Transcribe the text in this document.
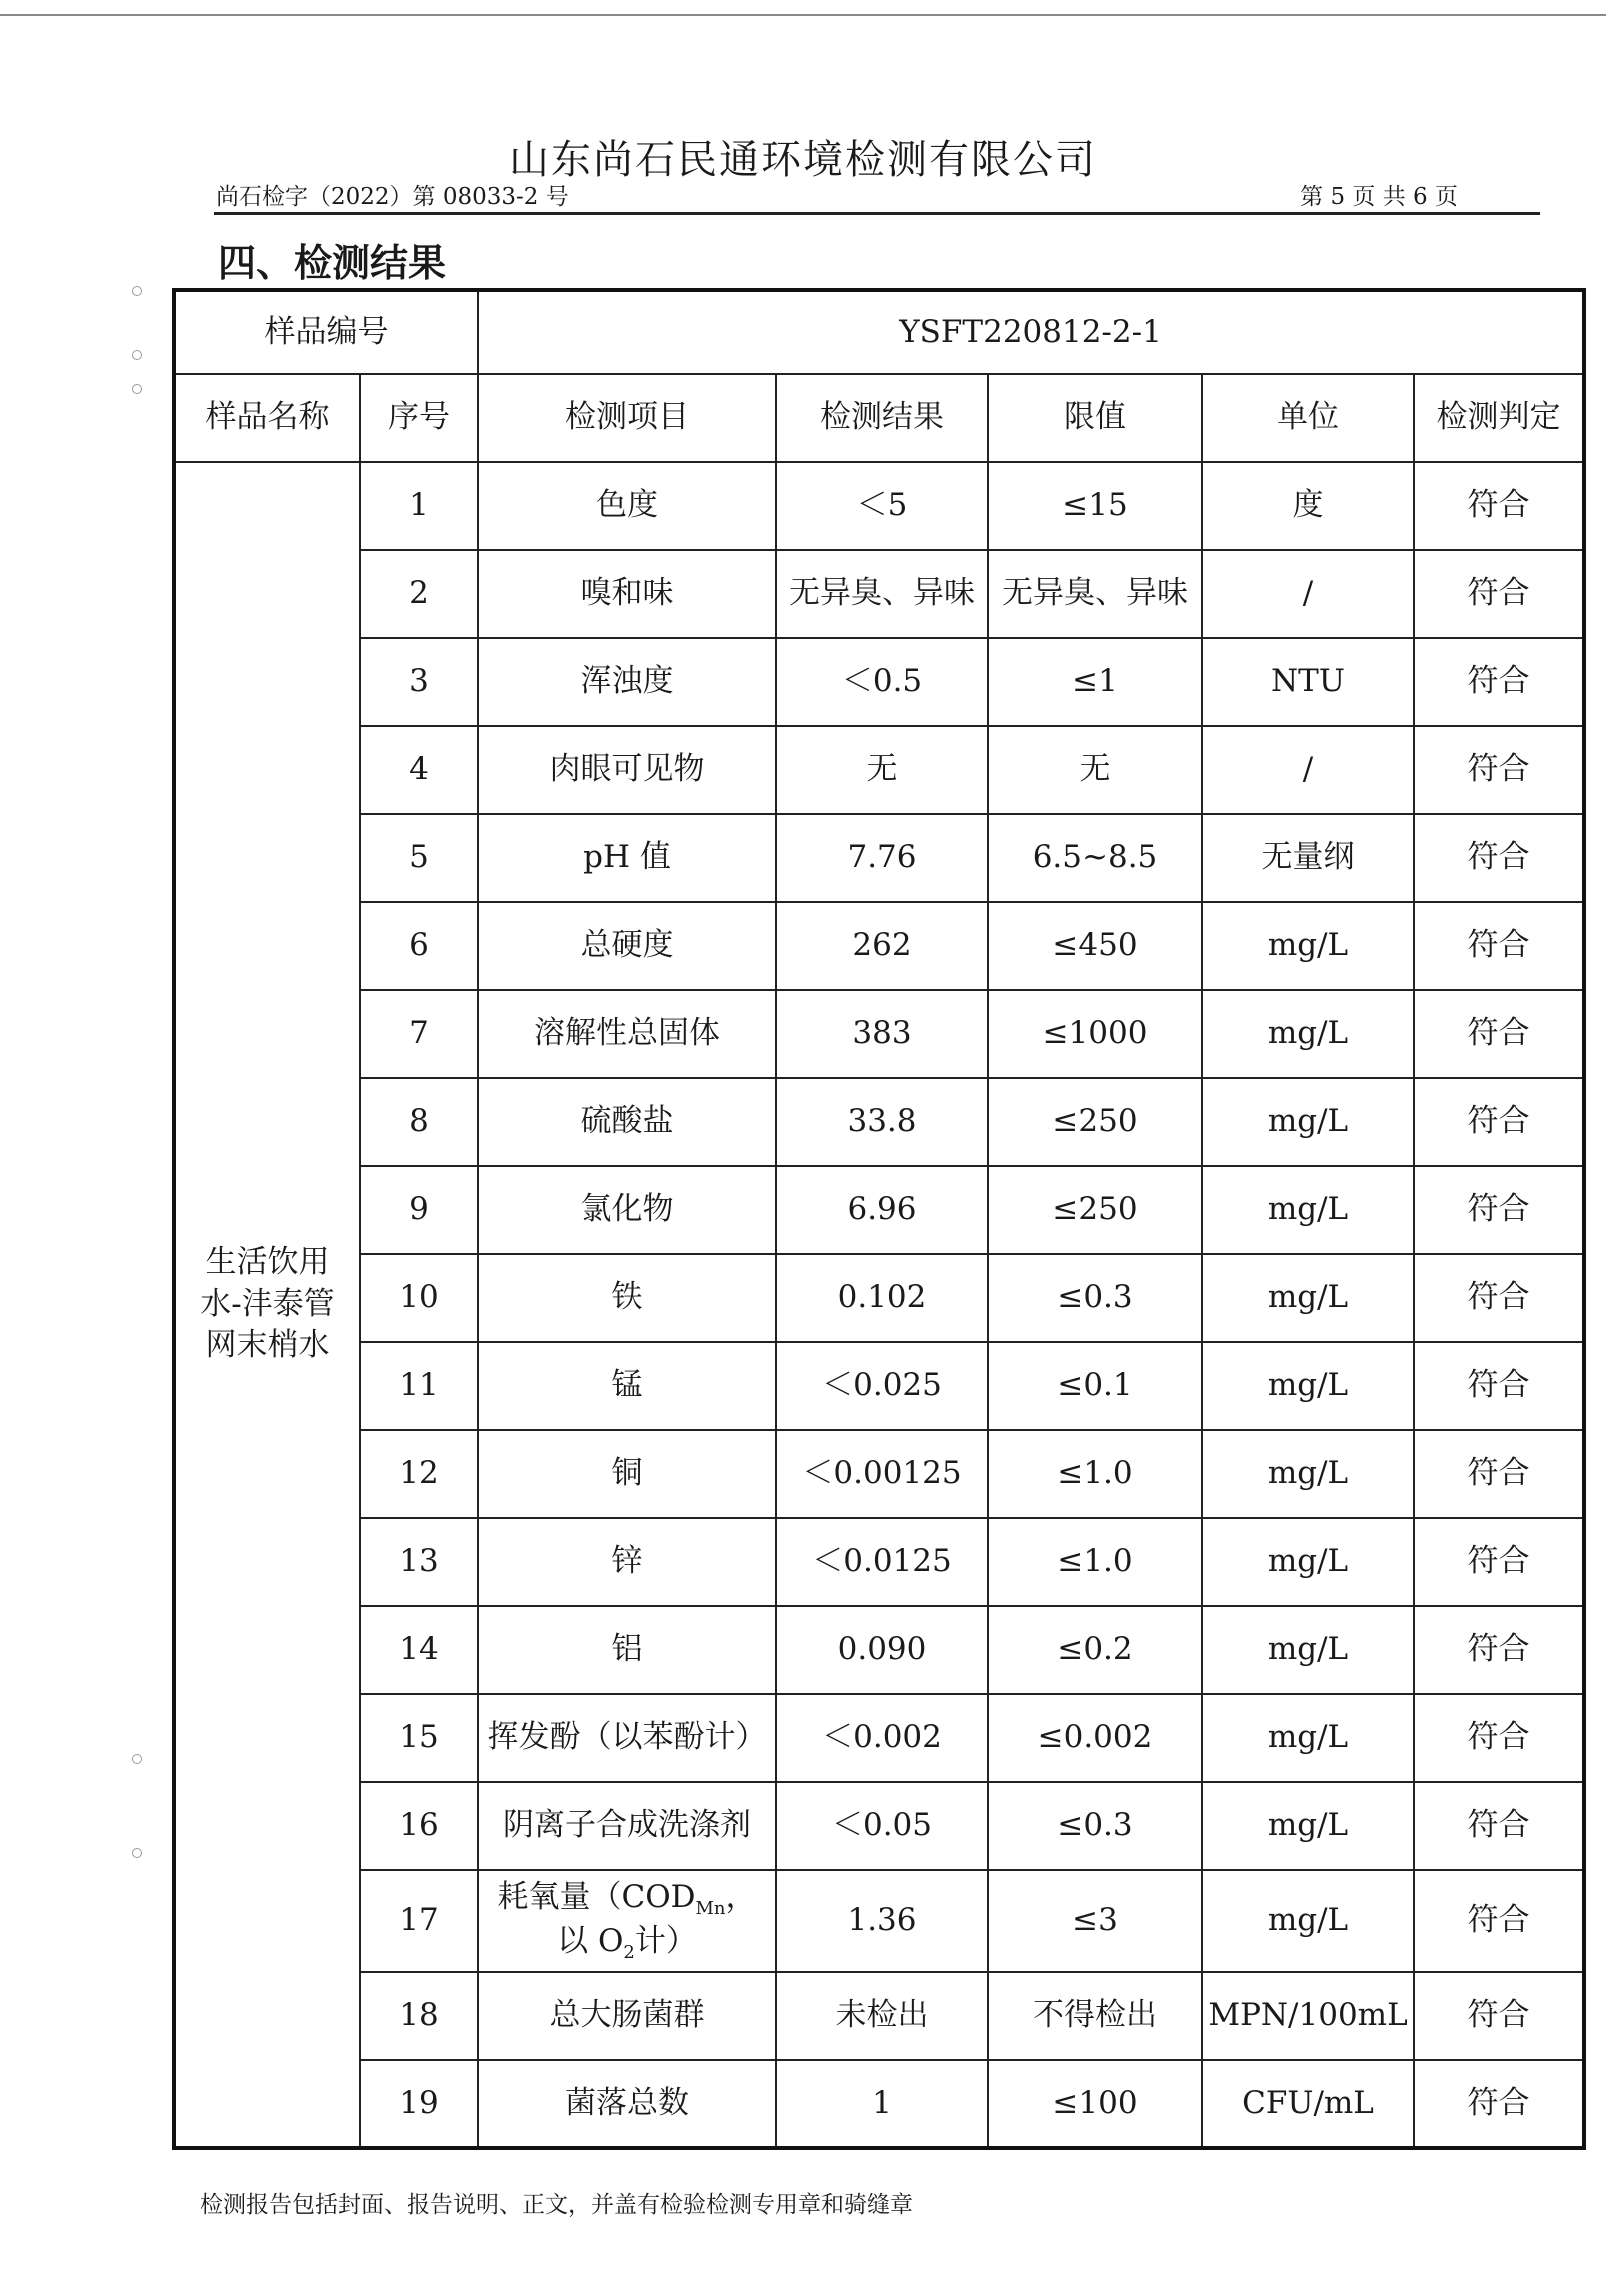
山东尚石民通环境检测有限公司
尚石检字（2022）第 08033-2 号	第 5 页 共 6 页
四、检测结果
样品编号		YSFT220812-2-1				
样品名称	序号	检测项目	检测结果	限值	单位	检测判定

生活饮用
水-沣泰管
网末梢水	1	色度	＜5	≤15	度	符合
	2	嗅和味	无异臭、异味	无异臭、异味	/	符合
	3	浑浊度	＜0.5	≤1	NTU	符合
	4	肉眼可见物	无	无	/	符合
	5	pH 值	7.76	6.5~8.5	无量纲	符合
	6	总硬度	262	≤450	mg/L	符合
	7	溶解性总固体	383	≤1000	mg/L	符合
	8	硫酸盐	33.8	≤250	mg/L	符合
	9	氯化物	6.96	≤250	mg/L	符合
	10	铁	0.102	≤0.3	mg/L	符合
	11	锰	＜0.025	≤0.1	mg/L	符合
	12	铜	＜0.00125	≤1.0	mg/L	符合
	13	锌	＜0.0125	≤1.0	mg/L	符合
	14	铝	0.090	≤0.2	mg/L	符合
	15	挥发酚（以苯酚计）	＜0.002	≤0.002	mg/L	符合
	16	阴离子合成洗涤剂	＜0.05	≤0.3	mg/L	符合
	17	耗氧量（$COD_{Mn}$，
以 $O_2$计）	1.36	≤3	mg/L	符合
	18	总大肠菌群	未检出	不得检出	MPN/100mL	符合
	19	菌落总数	1	≤100	CFU/mL	符合
检测报告包括封面、报告说明、正文，并盖有检验检测专用章和骑缝章
